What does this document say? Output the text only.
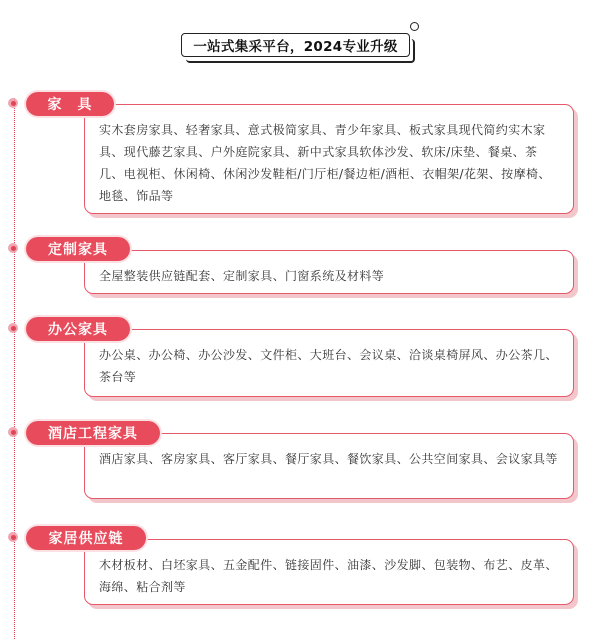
一站式集采平台，2024专业升级
实木套房家具、轻奢家具、意式极简家具、青少年家具、板式家具现代简约实木家具、现代藤艺家具、户外庭院家具、新中式家具软体沙发、软床/床垫、餐桌、茶几、电视柜、休闲椅、休闲沙发鞋柜/门厅柜/餐边柜/酒柜、衣帽架/花架、按摩椅、地毯、饰品等
家　具
全屋整装供应链配套、定制家具、门窗系统及材料等
定制家具
办公桌、办公椅、办公沙发、文件柜、大班台、会议桌、洽谈桌椅屏风、办公茶几、茶台等
办公家具
酒店家具、客房家具、客厅家具、餐厅家具、餐饮家具、公共空间家具、会议家具等
酒店工程家具
木材板材、白坯家具、五金配件、链接固件、油漆、沙发脚、包装物、布艺、皮革、海绵、粘合剂等
家居供应链
